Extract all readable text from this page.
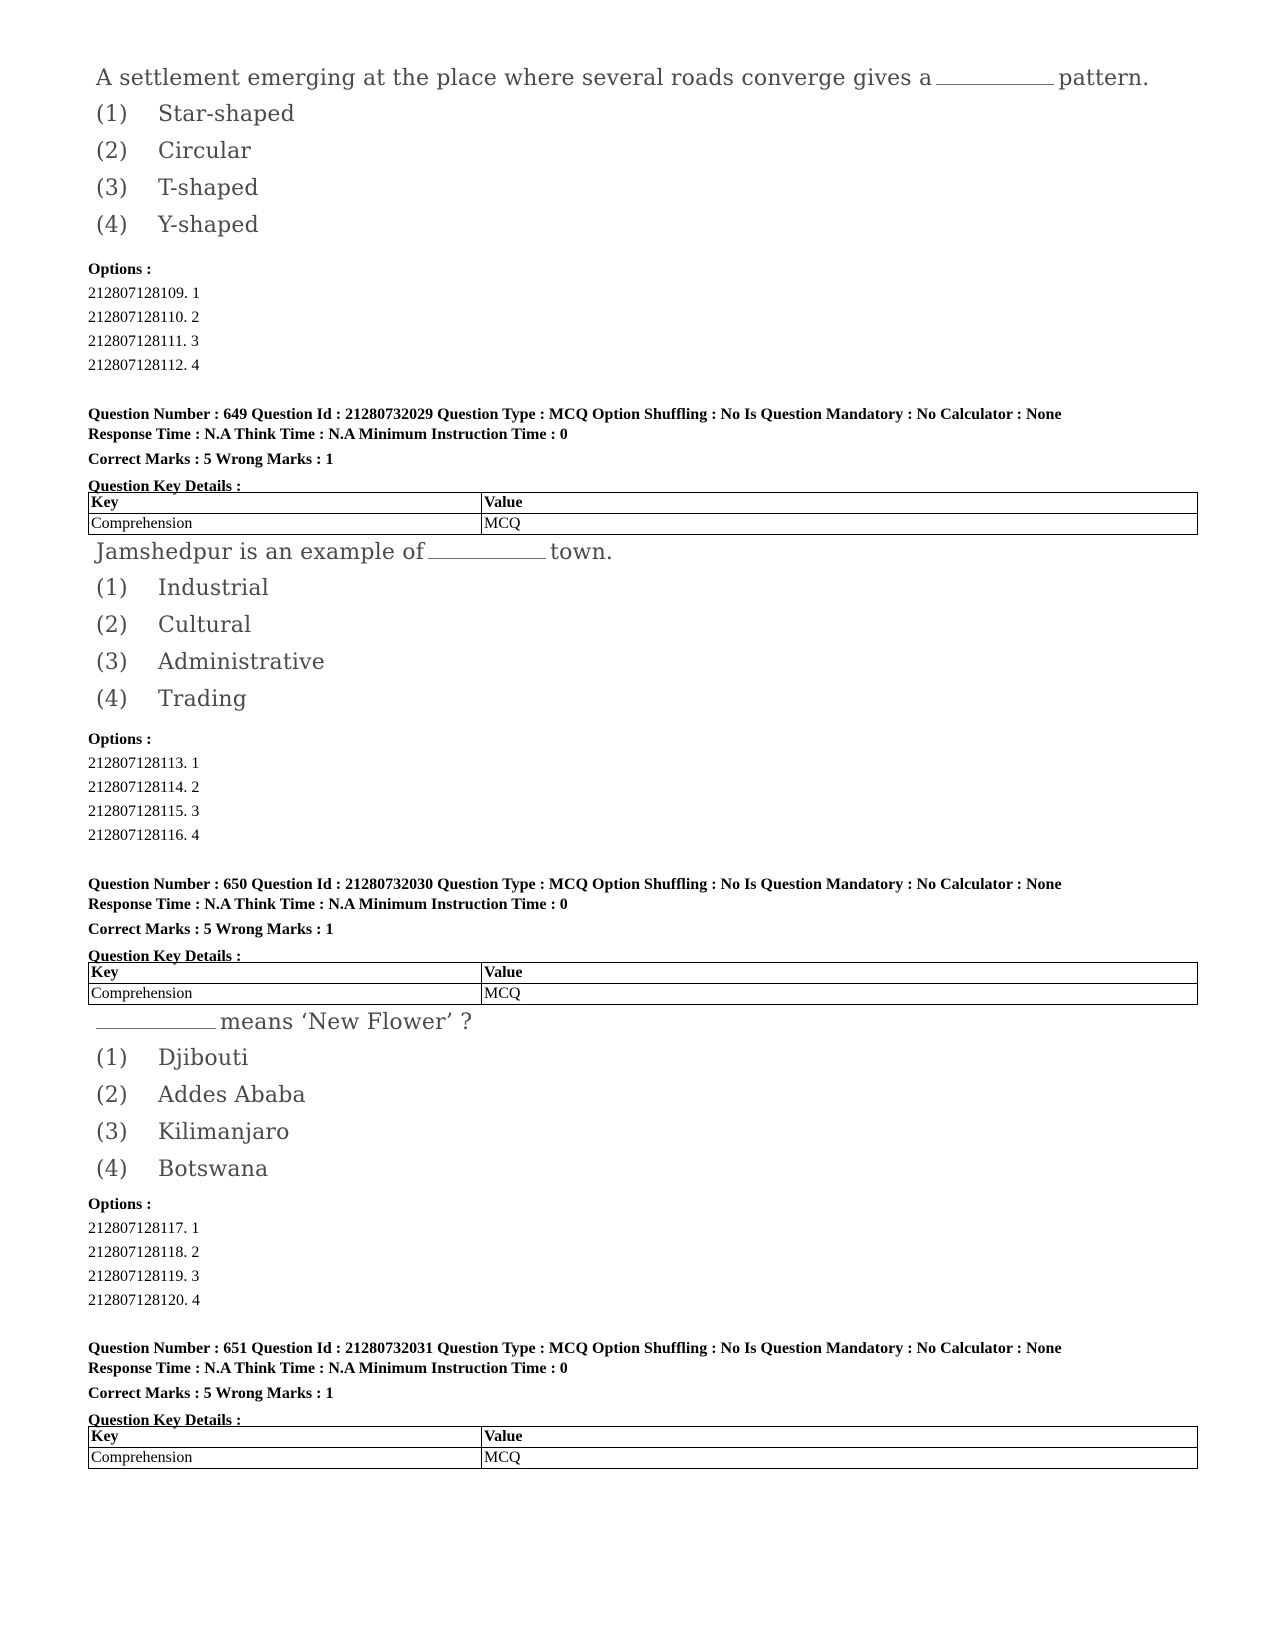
A settlement emerging at the place where several roads converge gives a	pattern.
(1) Star-shaped
(2) Circular
(3) T-shaped
(4) Y-shaped
Options :
212807128109. 1
212807128110. 2
212807128111. 3
212807128112. 4
Question Number : 649 Question Id : 21280732029 Question Type : MCQ Option Shuffling : No Is Question Mandatory : No Calculator : None
Response Time : N.A Think Time : N.A Minimum Instruction Time : 0
Correct Marks : 5 Wrong Marks : 1
Question Key Details :
Key	Value
Comprehension	MCQ
Jamshedpur is an example of	town.
(1) Industrial
(2) Cultural
(3) Administrative
(4) Trading
Options :
212807128113. 1
212807128114. 2
212807128115. 3
212807128116. 4
Question Number : 650 Question Id : 21280732030 Question Type : MCQ Option Shuffling : No Is Question Mandatory : No Calculator : None
Response Time : N.A Think Time : N.A Minimum Instruction Time : 0
Correct Marks : 5 Wrong Marks : 1
Question Key Details :
Key	Value
Comprehension	MCQ
means ‘New Flower’ ?
(1) Djibouti
(2) Addes Ababa
(3) Kilimanjaro
(4) Botswana
Options :
212807128117. 1
212807128118. 2
212807128119. 3
212807128120. 4
Question Number : 651 Question Id : 21280732031 Question Type : MCQ Option Shuffling : No Is Question Mandatory : No Calculator : None
Response Time : N.A Think Time : N.A Minimum Instruction Time : 0
Correct Marks : 5 Wrong Marks : 1
Question Key Details :
Key	Value
Comprehension	MCQ
